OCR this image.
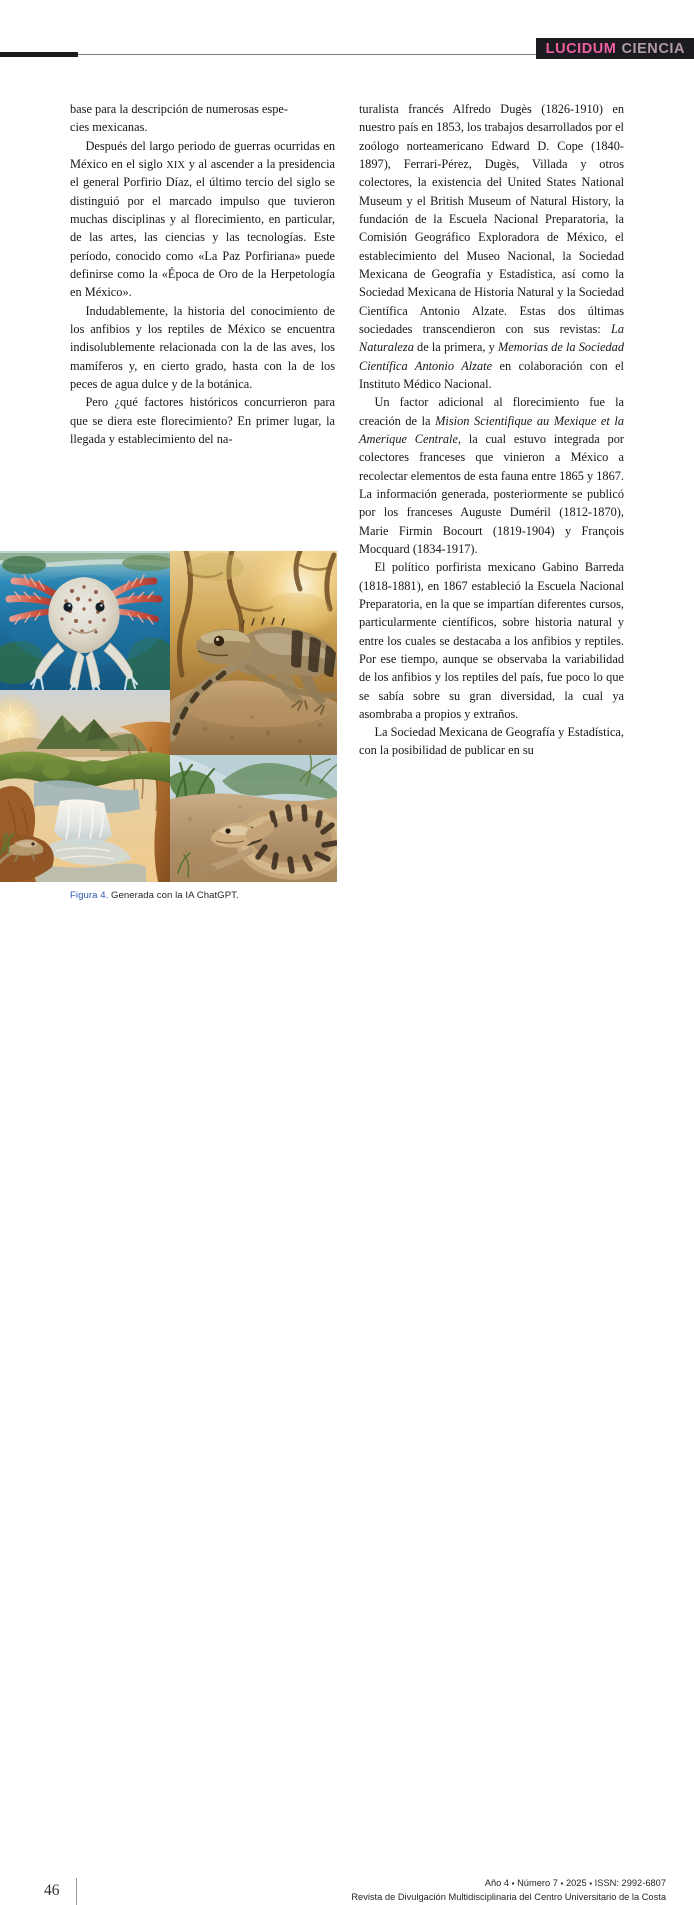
LUCIDUM CIENCIA

base para la descripción de numerosas espe-
cies mexicanas.

Después del largo periodo de guerras ocurridas en México en el siglo XIX y al ascender a la presidencia el general Porfirio Díaz, el último tercio del siglo se distinguió por el marcado impulso que tuvieron muchas disciplinas y al florecimiento, en particular, de las artes, las ciencias y las tecnologías. Este período, conocido como «La Paz Porfiriana» puede definirse como la «Época de Oro de la Herpetología en México».

Indudablemente, la historia del conocimiento de los anfibios y los reptiles de México se encuentra indisolublemente relacionada con la de las aves, los mamíferos y, en cierto grado, hasta con la de los peces de agua dulce y de la botánica.

Pero ¿qué factores históricos concurrieron para que se diera este florecimiento? En primer lugar, la llegada y establecimiento del na-

turalista francés Alfredo Dugès (1826-1910) en nuestro país en 1853, los trabajos desarrollados por el zoólogo norteamericano Edward D. Cope (1840-1897), Ferrari-Pérez, Dugès, Villada y otros colectores, la existencia del United States National Museum y el British Museum of Natural History, la fundación de la Escuela Nacional Preparatoria, la Comisión Geográfico Exploradora de México, el establecimiento del Museo Nacional, la Sociedad Mexicana de Geografía y Estadística, así como la Sociedad Mexicana de Historia Natural y la Sociedad Científica Antonio Alzate. Estas dos últimas sociedades transcendieron con sus revistas: La Naturaleza de la primera, y Memorias de la Sociedad Científica Antonio Alzate en colaboración con el Instituto Médico Nacional.

Un factor adicional al florecimiento fue la creación de la Mision Scientifique au Mexique et la Amerique Centrale, la cual estuvo integrada por colectores franceses que vinieron a México a recolectar elementos de esta fauna entre 1865 y 1867. La información generada, posteriormente se publicó por los franceses Auguste Duméril (1812-1870), Marie Firmin Bocourt (1819-1904) y François Mocquard (1834-1917).

El político porfirista mexicano Gabino Barreda (1818-1881), en 1867 estableció la Escuela Nacional Preparatoria, en la que se impartían diferentes cursos, particularmente científicos, sobre historia natural y entre los cuales se destacaba a los anfibios y reptiles. Por ese tiempo, aunque se observaba la variabilidad de los anfibios y los reptiles del país, fue poco lo que se sabía sobre su gran diversidad, la cual ya asombraba a propios y extraños.

La Sociedad Mexicana de Geografía y Estadística, con la posibilidad de publicar en su

Figura 4. Generada con la IA ChatGPT.
46	Año 4 ▪ Número 7 ▪ 2025 ▪ ISSN: 2992-6807
Revista de Divulgación Multidisciplinaria del Centro Universitario de la Costa
